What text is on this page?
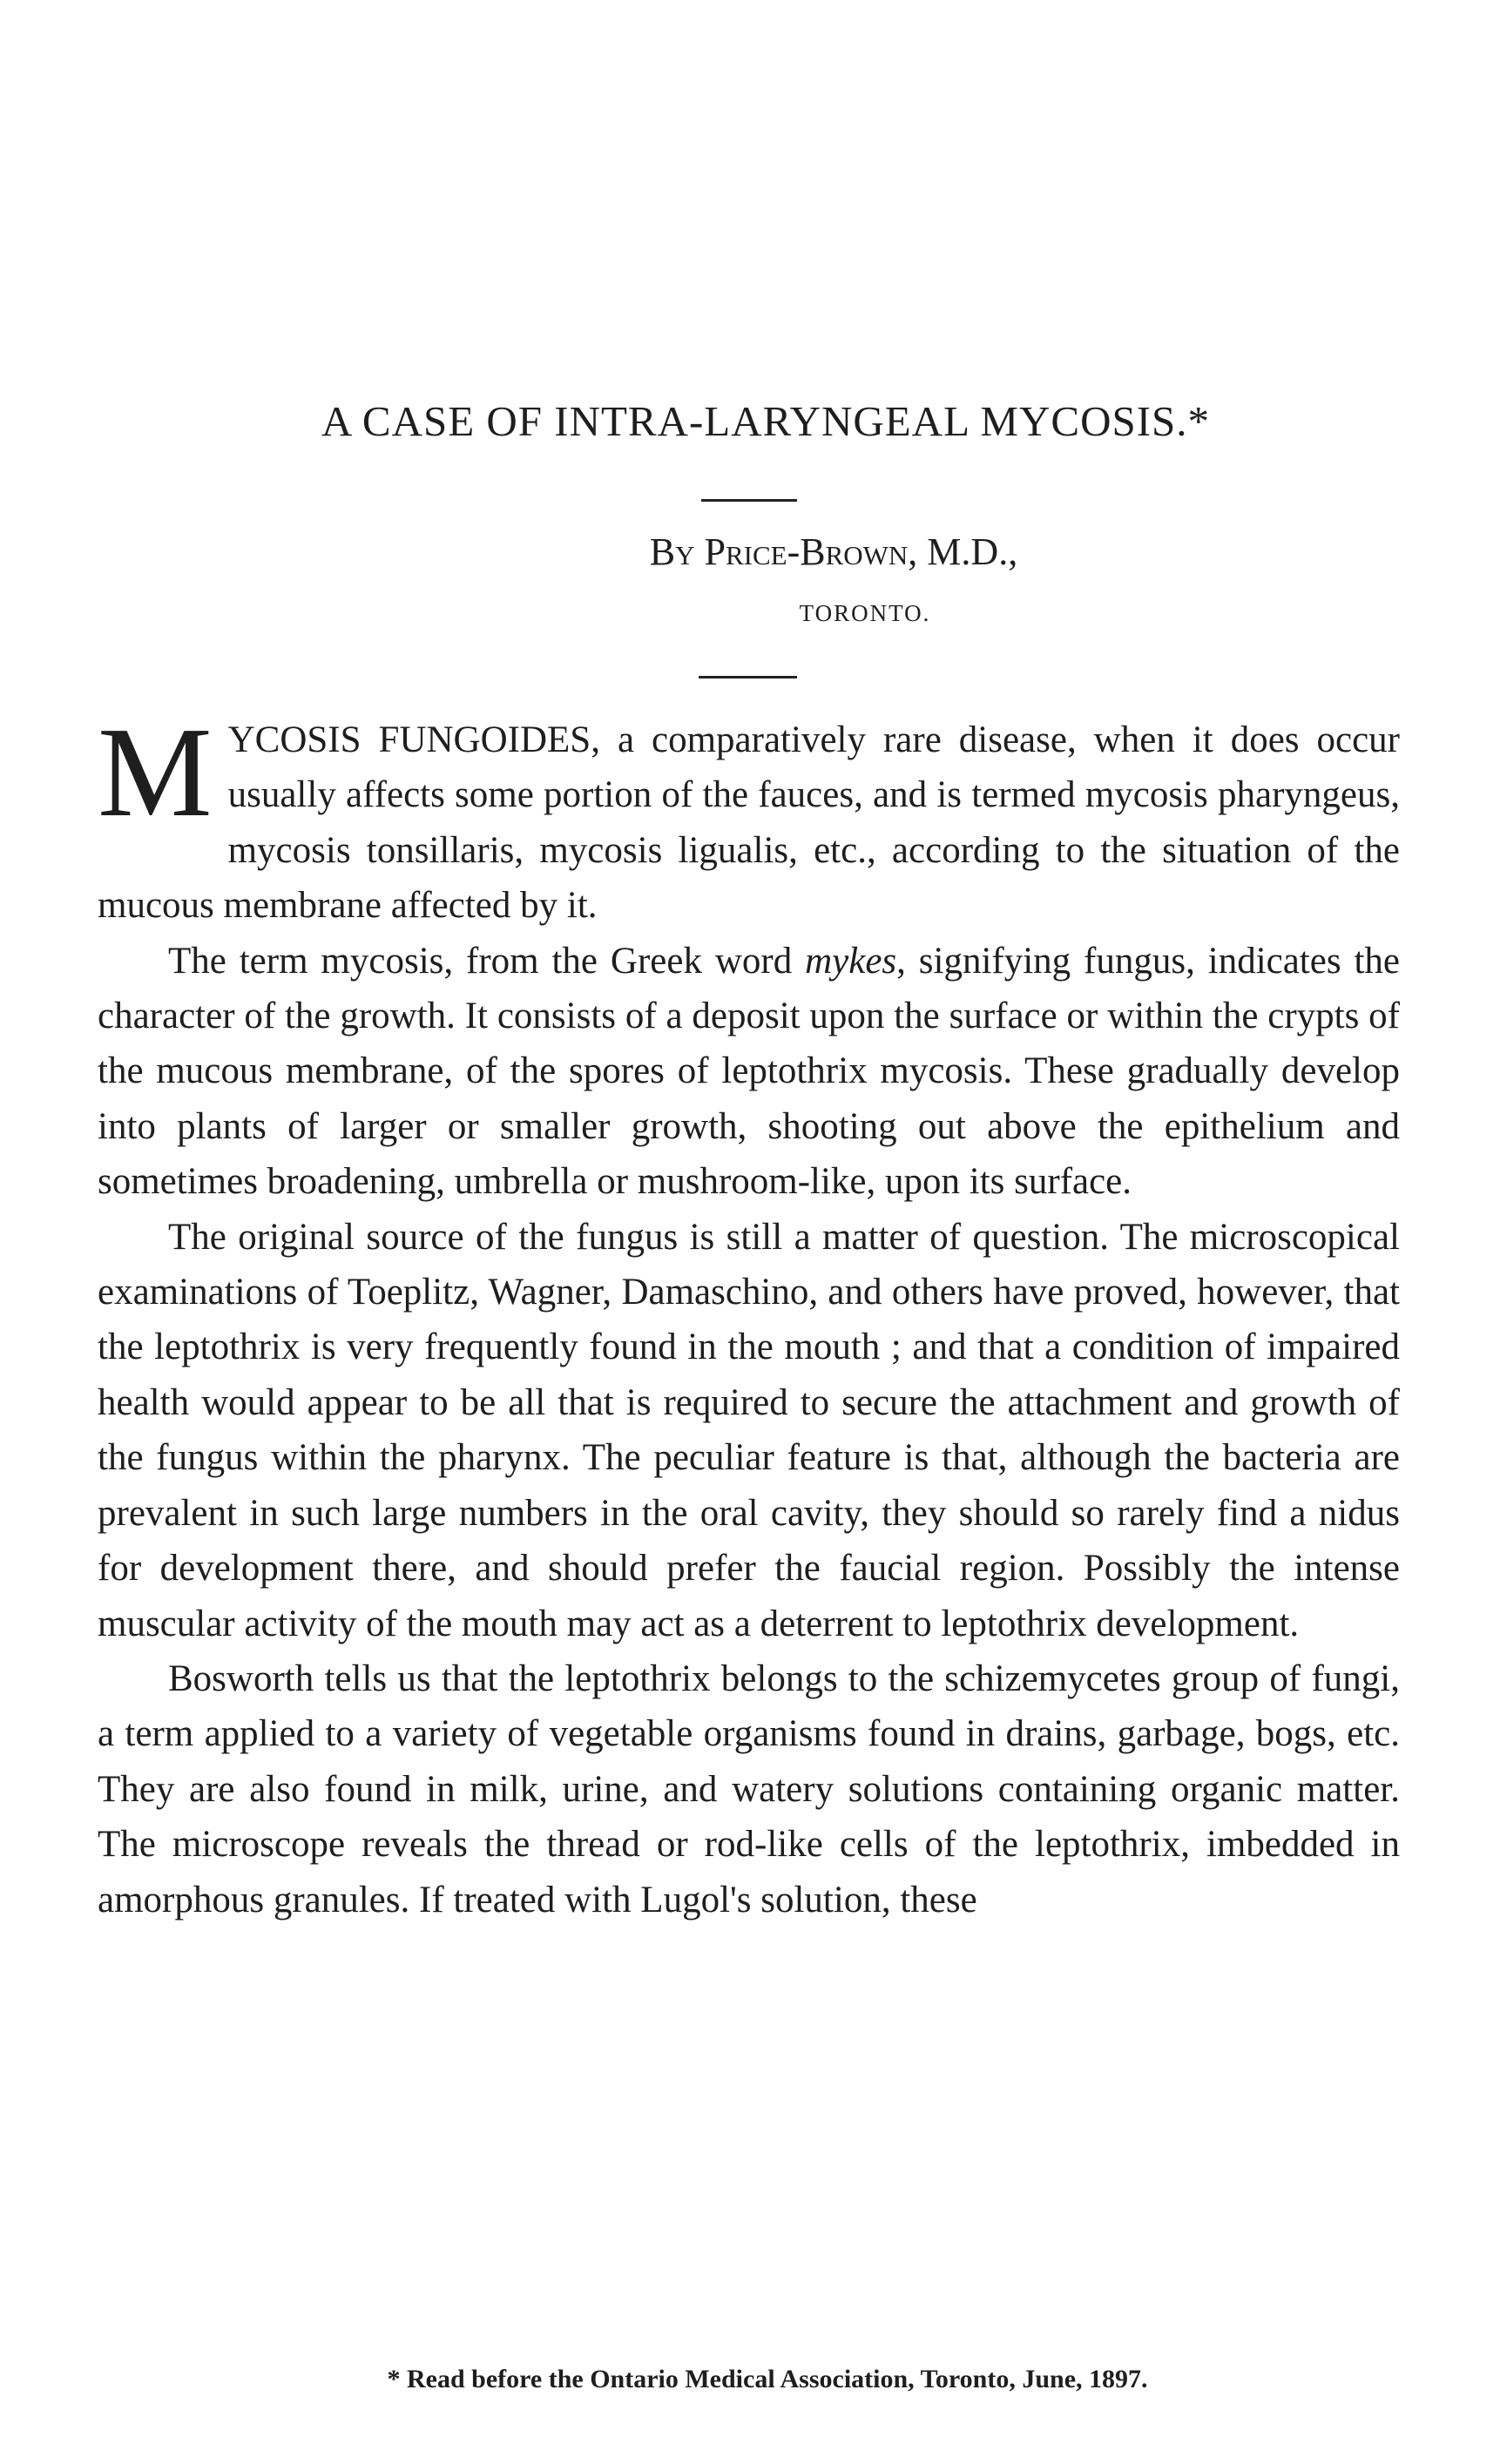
A CASE OF INTRA-LARYNGEAL MYCOSIS.*
By Price-Brown, M.D.,
TORONTO.

MYCOSIS FUNGOIDES, a comparatively rare disease, when it does occur usually affects some portion of the fauces, and is termed mycosis pharyngeus, mycosis tonsillaris, mycosis ligualis, etc., according to the situation of the mucous membrane affected by it.

The term mycosis, from the Greek word mykes, signifying fungus, indicates the character of the growth. It consists of a deposit upon the surface or within the crypts of the mucous membrane, of the spores of leptothrix mycosis. These gradually develop into plants of larger or smaller growth, shooting out above the epithelium and sometimes broadening, umbrella or mushroom-like, upon its surface.

The original source of the fungus is still a matter of question. The microscopical examinations of Toeplitz, Wagner, Damaschino, and others have proved, however, that the leptothrix is very frequently found in the mouth ; and that a condition of impaired health would appear to be all that is required to secure the attachment and growth of the fungus within the pharynx. The peculiar feature is that, although the bacteria are prevalent in such large numbers in the oral cavity, they should so rarely find a nidus for development there, and should prefer the faucial region. Possibly the intense muscular activity of the mouth may act as a deterrent to leptothrix development.

Bosworth tells us that the leptothrix belongs to the schizemycetes group of fungi, a term applied to a variety of vegetable organisms found in drains, garbage, bogs, etc. They are also found in milk, urine, and watery solutions containing organic matter. The microscope reveals the thread or rod-like cells of the leptothrix, imbedded in amorphous granules. If treated with Lugol's solution, these

* Read before the Ontario Medical Association, Toronto, June, 1897.
